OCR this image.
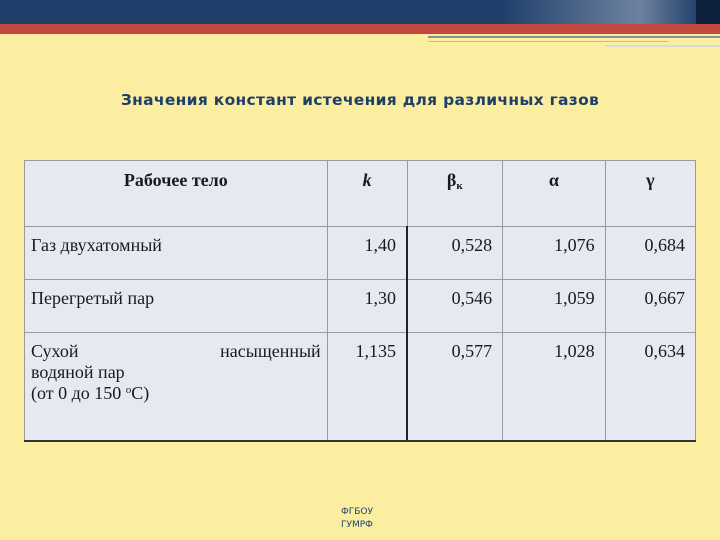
Значения констант истечения для различных газов
Рабочее тело	k	$\beta_к$	α	γ
Газ двухатомный	1,40	0,528	1,076	0,684
Перегретый пар	1,30	0,546	1,059	0,667

Сухой насыщенный
водяной пар
(от 0 до 150 $^о$С)	1,135	0,577	1,028	0,634
ФГБОУ
ГУМРФ
